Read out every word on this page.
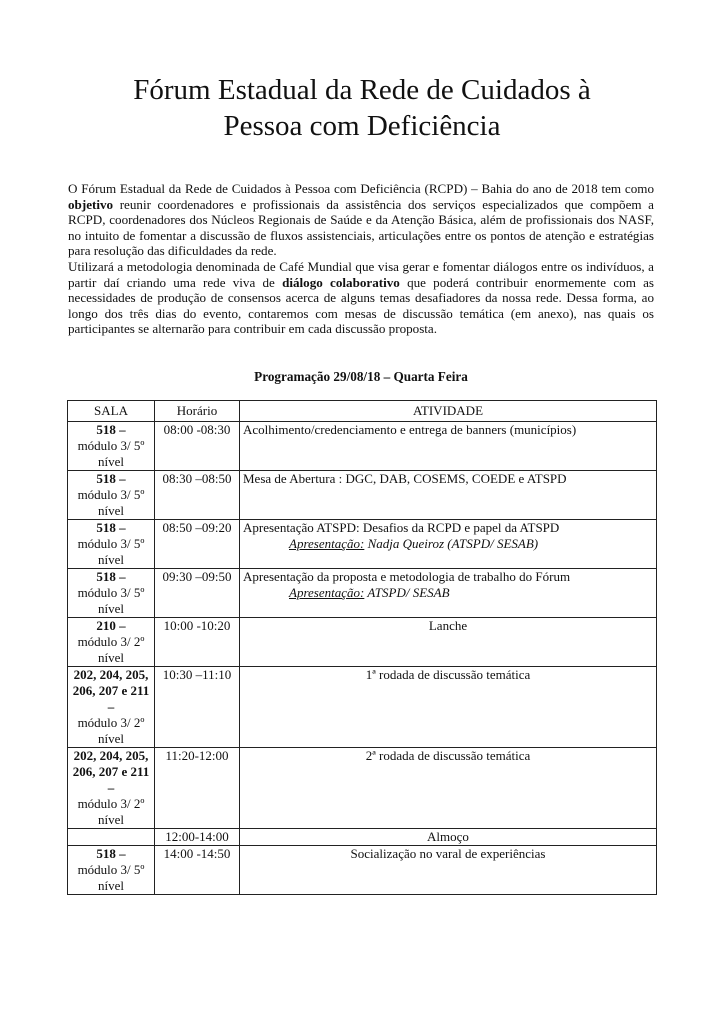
Fórum Estadual da Rede de Cuidados à
Pessoa com Deficiência

O Fórum Estadual da Rede de Cuidados à Pessoa com Deficiência (RCPD) – Bahia do ano de 2018 tem como objetivo reunir coordenadores e profissionais da assistência dos serviços especializados que compõem a RCPD, coordenadores dos Núcleos Regionais de Saúde e da Atenção Básica, além de profissionais dos NASF, no intuito de fomentar a discussão de fluxos assistenciais, articulações entre os pontos de atenção e estratégias para resolução das dificuldades da rede.

Utilizará a metodologia denominada de Café Mundial que visa gerar e fomentar diálogos entre os indivíduos, a partir daí criando uma rede viva de diálogo colaborativo que poderá contribuir enormemente com as necessidades de produção de consensos acerca de alguns temas desafiadores da nossa rede. Dessa forma, ao longo dos três dias do evento, contaremos com mesas de discussão temática (em anexo), nas quais os participantes se alternarão para contribuir em cada discussão proposta.

Programação 29/08/18 – Quarta Feira
SALA	Horário	ATIVIDADE

518 –
módulo 3/ 5º nível	08:00 -08:30	Acolhimento/credenciamento e entrega de banners (municípios)

518 –
módulo 3/ 5º nível	08:30 –08:50	Mesa de Abertura : DGC, DAB, COSEMS, COEDE e ATSPD

518 –
módulo 3/ 5º nível	08:50 –09:20	Apresentação ATSPD: Desafios da RCPD e papel da ATSPD
Apresentação: Nadja Queiroz (ATSPD/ SESAB)

518 –
módulo 3/ 5º nível	09:30 –09:50	Apresentação da proposta e metodologia de trabalho do Fórum
Apresentação: ATSPD/ SESAB

210 –
módulo 3/ 2º nível	10:00 -10:20	Lanche

202, 204, 205, 206, 207 e 211 –
módulo 3/ 2º nível	10:30 –11:10	1ª rodada de discussão temática

202, 204, 205, 206, 207 e 211 –
módulo 3/ 2º nível	11:20-12:00	2ª rodada de discussão temática
	12:00-14:00	Almoço

518 –
módulo 3/ 5º nível	14:00 -14:50	Socialização no varal de experiências
